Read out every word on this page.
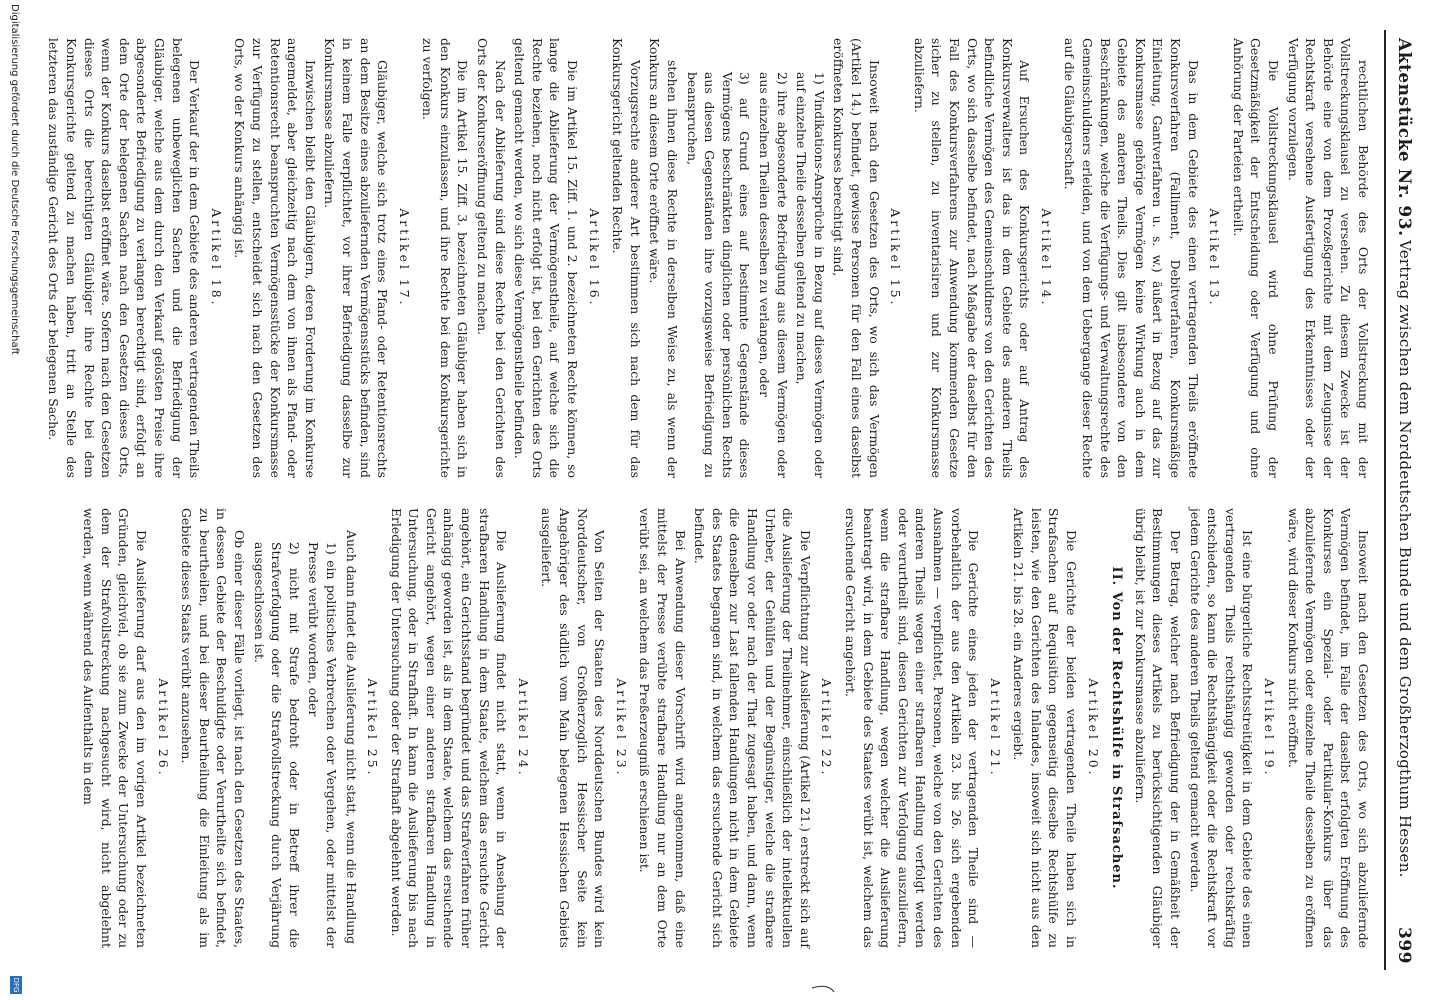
Aktenstücke Nr. 93.
Vertrag zwischen dem Norddeutschen Bunde und dem Großherzogthum Hessen.
399

rechtlichen Behörde des Orts der Vollstreckung mit der Vollstreckungsklausel zu versehen. Zu diesem Zwecke ist der Behörde eine von dem Prozeßgerichte mit dem Zeugnisse der Rechtskraft versehene Ausfertigung des Erkenntnisses oder der Verfügung vorzulegen.

Die Vollstreckungsklausel wird ohne Prüfung der Gesetzmäßigkeit der Entscheidung oder Verfügung und ohne Anhörung der Parteien ertheilt.

Artikel 13.

Das in dem Gebiete des einen vertragenden Theils eröffnete Konkursverfahren (Falliment, Debitverfahren, Konkursmäßige Einleitung, Gantverfahren u. s. w.) äußert in Bezug auf das zur Konkursmasse gehörige Vermögen keine Wirkung auch in dem Gebiete des anderen Theils. Dies gilt insbesondere von den Beschränkungen, welche die Verfügungs- und Verwaltungsrechte des Gemeinschuldners erleiden, und von dem Uebergange dieser Rechte auf die Gläubigerschaft.

Artikel 14.

Auf Ersuchen des Konkursgerichts oder auf Antrag des Konkursverwalters ist das in dem Gebiete des anderen Theils befindliche Vermögen des Gemeinschuldners von den Gerichten des Orts, wo sich dasselbe befindet, nach Maßgabe der daselbst für den Fall des Konkursverfahrens zur Anwendung kommenden Gesetze sicher zu stellen, zu inventarisiren und zur Konkursmasse abzuliefern.

Artikel 15.

Insoweit nach den Gesetzen des Orts, wo sich das Vermögen (Artikel 14.) befindet, gewisse Personen für den Fall eines daselbst eröffneten Konkurses berechtigt sind,

1) Vindikations-Ansprüche in Bezug auf dieses Vermögen oder auf einzelne Theile desselben geltend zu machen,
2) ihre abgesonderte Befriedigung aus diesem Vermögen oder aus einzelnen Theilen desselben zu verlangen, oder
3) auf Grund eines auf bestimmte Gegenstände dieses Vermögens beschränkten dinglichen oder persönlichen Rechts aus diesen Gegenständen ihre vorzugsweise Befriedigung zu beanspruchen,

stehen ihnen diese Rechte in derselben Weise zu, als wenn der Konkurs an diesem Orte eröffnet wäre.

Vorzugsrechte anderer Art bestimmen sich nach dem für das Konkursgericht geltenden Rechte.

Artikel 16.

Die im Artikel 15. Ziff. 1. und 2. bezeichneten Rechte können, so lange die Ablieferung der Vermögenstheile, auf welche sich die Rechte beziehen, noch nicht erfolgt ist, bei den Gerichten des Orts geltend gemacht werden, wo sich diese Vermögenstheile befinden.

Nach der Ablieferung sind diese Rechte bei den Gerichten des Orts der Konkurseröffnung geltend zu machen.

Die im Artikel 15. Ziff. 3. bezeichneten Gläubiger haben sich in den Konkurs einzulassen, und ihre Rechte bei dem Konkursgerichte zu verfolgen.

Artikel 17.

Gläubiger, welche sich trotz eines Pfand- oder Retentionsrechts an dem Besitze eines abzuliefernden Vermögensstücks befinden, sind in keinem Falle verpflichtet, vor ihrer Befriedigung dasselbe zur Konkursmasse abzuliefern.

Inzwischen bleibt den Gläubigern, deren Forderung im Konkurse angemeldet, aber gleichzeitig nach dem von ihnen als Pfand- oder Retentionsrecht beanspruchten Vermögensstücke der Konkursmasse zur Verfügung zu stellen, entscheidet sich nach den Gesetzen des Orts, wo der Konkurs anhängig ist.

Artikel 18.

Der Verkauf der in dem Gebiete des anderen vertragenden Theils belegenen unbeweglichen Sachen und die Befriedigung der Gläubiger, welche aus dem durch den Verkauf gelösten Preise ihre abgesonderte Befriedigung zu verlangen berechtigt sind, erfolgt an dem Orte der belegenen Sachen nach den Gesetzen dieses Orts, wenn der Konkurs daselbst eröffnet wäre. Sofern nach den Gesetzen dieses Orts die berechtigten Gläubiger ihre Rechte bei dem Konkursgerichte geltend zu machen haben, tritt an Stelle des letzteren das zuständige Gericht des Orts der belegenen Sache.

Insoweit nach den Gesetzen des Orts, wo sich abzuliefernde Vermögen befindet, im Falle der daselbst erfolgten Eröffnung des Konkurses ein Spezial- oder Partikular-Konkurs über das abzuliefernde Vermögen oder einzelne Theile desselben zu eröffnen wäre, wird dieser Konkurs nicht eröffnet.

Artikel 19.

Ist eine bürgerliche Rechtsstreitigkeit in dem Gebiete des einen vertragenden Theils rechtshängig geworden oder rechtskräftig entschieden, so kann die Rechtshängigkeit oder die Rechtskraft vor jedem Gerichte des anderen Theils geltend gemacht werden.

Der Betrag, welcher nach Befriedigung der in Gemäßheit der Bestimmungen dieses Artikels zu berücksichtigenden Gläubiger übrig bleibt, ist zur Konkursmasse abzuliefern.

II. Von der Rechtshülfe in Strafsachen.
Artikel 20.

Die Gerichte der beiden vertragenden Theile haben sich in Strafsachen auf Requisition gegenseitig dieselbe Rechtshülfe zu leisten, wie den Gerichten des Inlandes, insoweit sich nicht aus den Artikeln 21. bis 28. ein Anderes ergiebt.

Artikel 21.

Die Gerichte eines jeden der vertragenden Theile sind — vorbehaltlich der aus den Artikeln 23. bis 26. sich ergebenden Ausnahmen — verpflichtet, Personen, welche von den Gerichten des anderen Theils wegen einer strafbaren Handlung verfolgt werden oder verurtheilt sind, diesen Gerichten zur Verfolgung auszuliefern, wenn die strafbare Handlung, wegen welcher die Auslieferung beantragt wird, in dem Gebiete des Staates verübt ist, welchem das ersuchende Gericht angehört.

Artikel 22.

Die Verpflichtung zur Auslieferung (Artikel 21.) erstreckt sich auf die Auslieferung der Theilnehmer, einschließlich der intellektuellen Urheber, der Gehülfen und der Begünstiger, welche die strafbare Handlung vor oder nach der That zugesagt haben, und dann, wenn die denselben zur Last fallenden Handlungen nicht in dem Gebiete des Staates begangen sind, in welchem das ersuchende Gericht sich befindet.

Bei Anwendung dieser Vorschrift wird angenommen, daß eine mittelst der Presse verübte strafbare Handlung nur an dem Orte verübt sei, an welchem das Preßerzeugniß erschienen ist.

Artikel 23.

Von Seiten der Staaten des Norddeutschen Bundes wird kein Norddeutscher, von Großherzoglich Hessischer Seite kein Angehöriger des südlich vom Main belegenen Hessischen Gebiets ausgeliefert.

Artikel 24.

Die Auslieferung findet nicht statt, wenn in Ansehung der strafbaren Handlung in dem Staate, welchem das ersuchte Gericht angehört, ein Gerichtsstand begründet und das Strafverfahren früher anhängig geworden ist, als in dem Staate, welchem das ersuchende Gericht angehört, wegen einer anderen strafbaren Handlung in Untersuchung, oder in Strafhaft. In kann die Auslieferung bis nach Erledigung der Untersuchung oder der Strafhaft abgelehnt werden.

Artikel 25.

Auch dann findet die Auslieferung nicht statt, wenn die Handlung

1) ein politisches Verbrechen oder Vergehen, oder mittelst der Presse verübt worden, oder
2) nicht mit Strafe bedroht oder in Betreff ihrer die Strafverfolgung oder die Strafvollstreckung durch Verjährung ausgeschlossen ist.

Ob einer dieser Fälle vorliegt, ist nach den Gesetzen des Staates, in dessen Gebiete der Beschuldigte oder Verurtheilte sich befindet, zu beurtheilen, und bei dieser Beurtheilung die Einleitung als im Gebiete dieses Staats verübt anzusehen.

Artikel 26.

Die Auslieferung darf aus den im vorigen Artikel bezeichneten Gründen, gleichviel, ob sie zum Zwecke der Untersuchung oder zu dem der Strafvollstreckung nachgesucht wird, nicht abgelehnt werden, wenn während des Aufenthalts in dem

Digitalisierung gefördert durch die Deutsche Forschungsgemeinschaft
DFG
